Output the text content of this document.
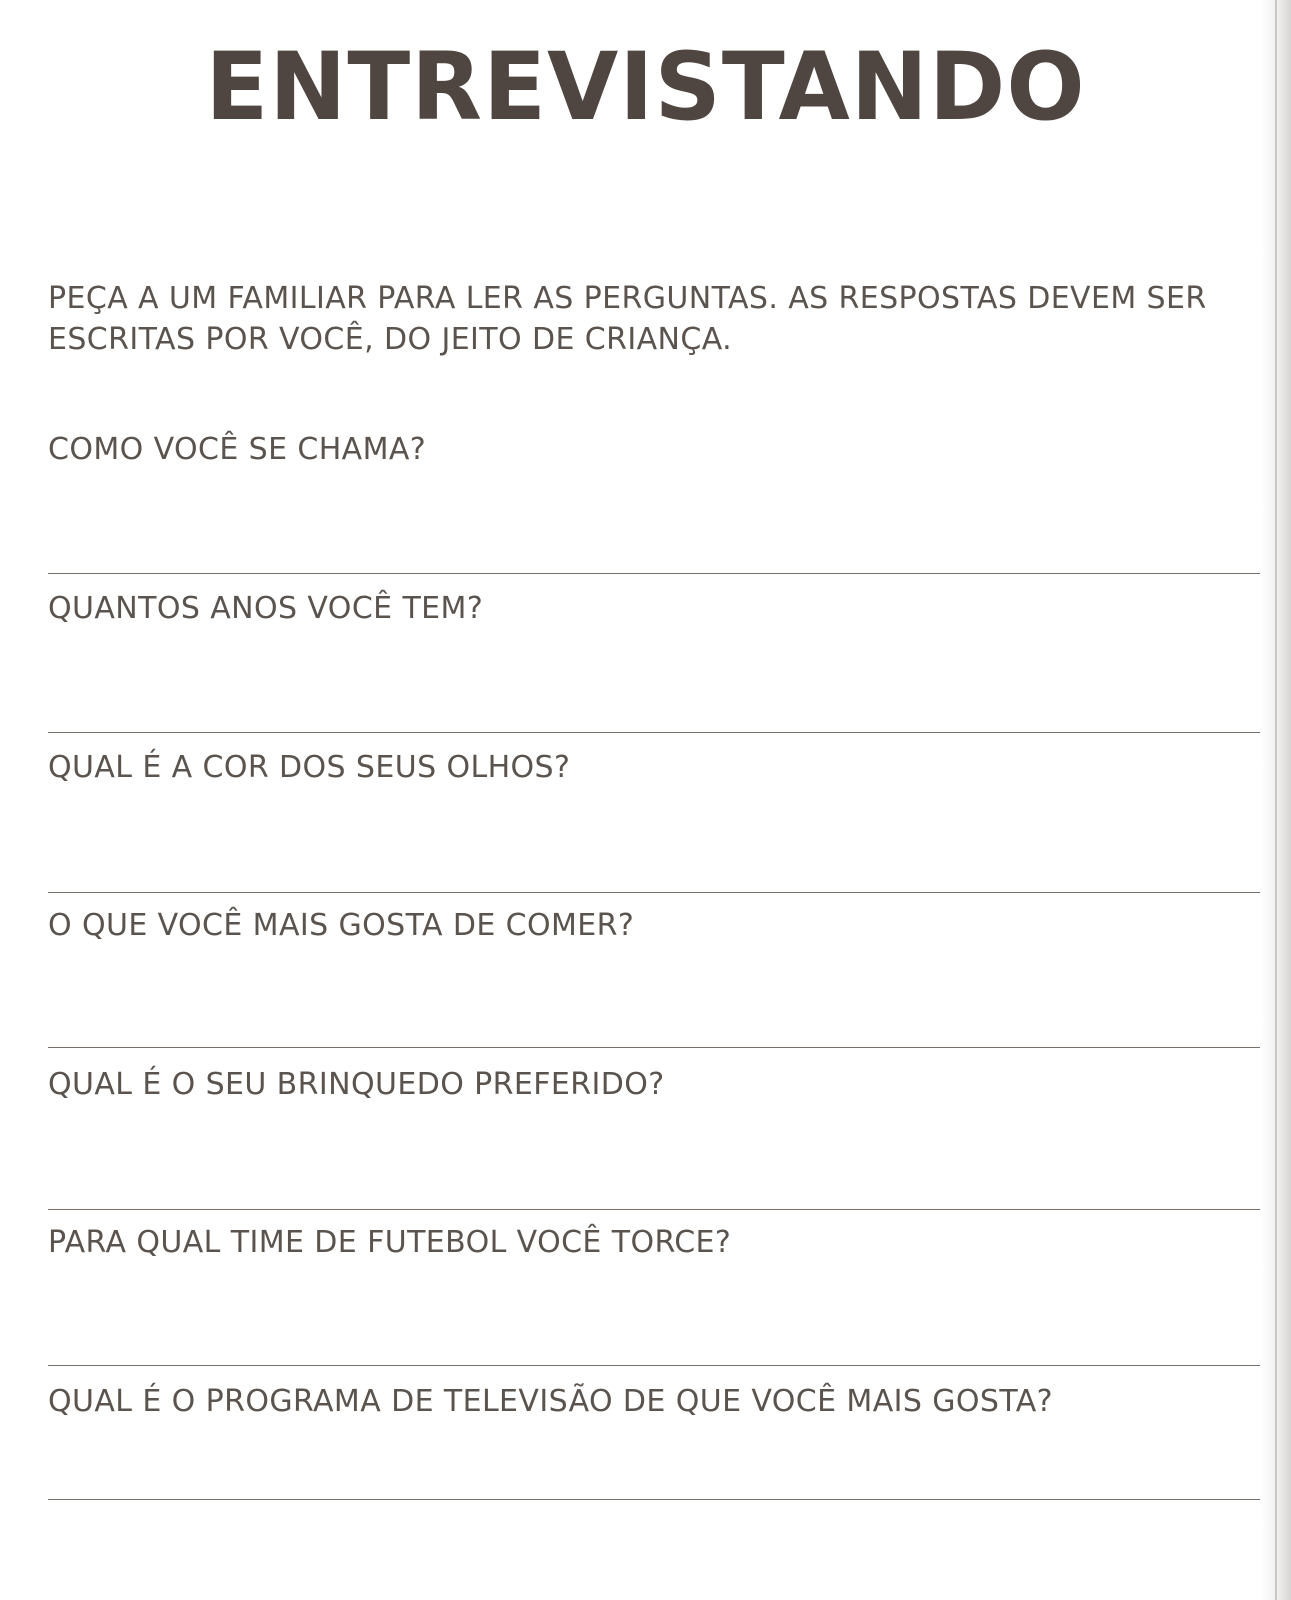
ENTREVISTANDO
PEÇA A UM FAMILIAR PARA LER AS PERGUNTAS. AS RESPOSTAS DEVEM SER ESCRITAS POR VOCÊ, DO JEITO DE CRIANÇA.
COMO VOCÊ SE CHAMA?
QUANTOS ANOS VOCÊ TEM?
QUAL É A COR DOS SEUS OLHOS?
O QUE VOCÊ MAIS GOSTA DE COMER?
QUAL É O SEU BRINQUEDO PREFERIDO?
PARA QUAL TIME DE FUTEBOL VOCÊ TORCE?
QUAL É O PROGRAMA DE TELEVISÃO DE QUE VOCÊ MAIS GOSTA?
